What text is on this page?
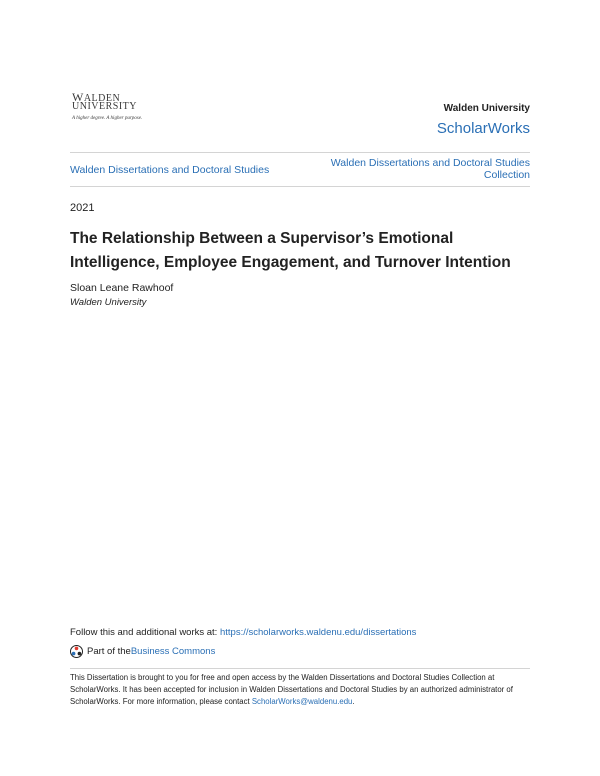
WALDEN
UNIVERSITY
A higher degree. A higher purpose.
Walden University
ScholarWorks
Walden Dissertations and Doctoral Studies
Walden Dissertations and Doctoral Studies Collection
2021
The Relationship Between a Supervisor’s Emotional Intelligence, Employee Engagement, and Turnover Intention
Sloan Leane Rawhoof
Walden University
Follow this and additional works at: https://scholarworks.waldenu.edu/dissertations
Part of the Business Commons
This Dissertation is brought to you for free and open access by the Walden Dissertations and Doctoral Studies Collection at ScholarWorks. It has been accepted for inclusion in Walden Dissertations and Doctoral Studies by an authorized administrator of ScholarWorks. For more information, please contact ScholarWorks@waldenu.edu.
